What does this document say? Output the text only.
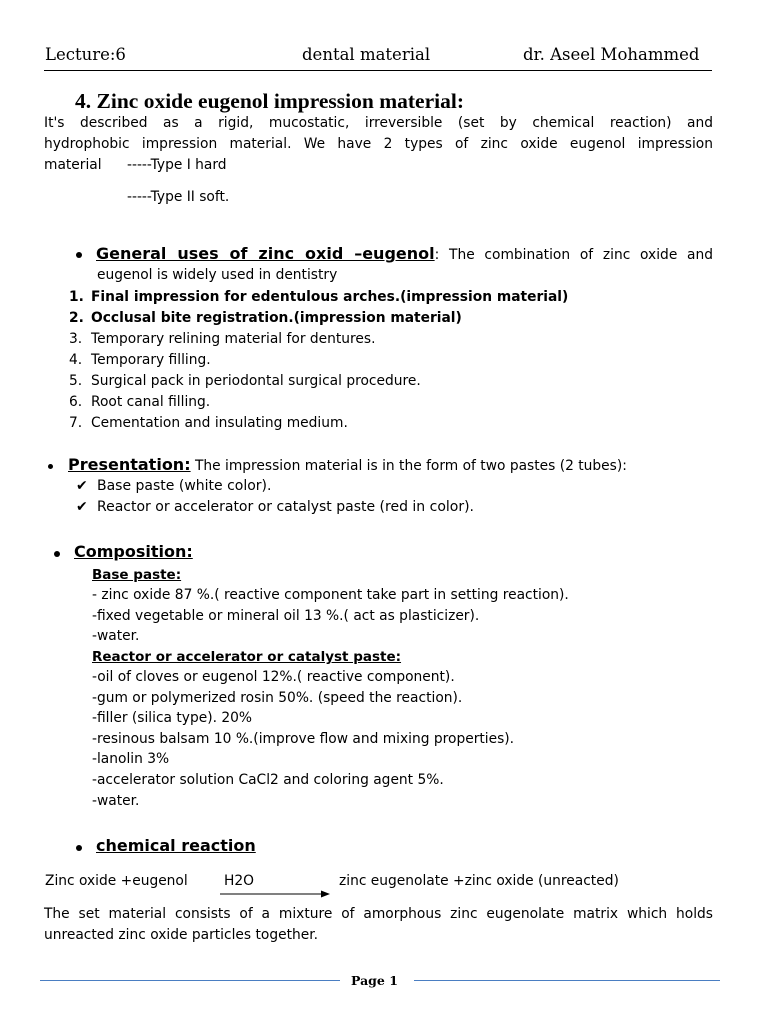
Lecture:6	dental material	dr. Aseel Mohammed
4. Zinc oxide eugenol impression material:
It's described as a rigid, mucostatic, irreversible (set by chemical reaction) and
hydrophobic impression material. We have 2 types of zinc oxide eugenol impression
material -----Type I hard
-----Type II soft.
General uses of zinc oxid –eugenol: The combination of zinc oxide and
eugenol is widely used in dentistry
1. Final impression for edentulous arches.(impression material)
2. Occlusal bite registration.(impression material)
3. Temporary relining material for dentures.
4. Temporary filling.
5. Surgical pack in periodontal surgical procedure.
6. Root canal filling.
7. Cementation and insulating medium.
Presentation: The impression material is in the form of two pastes (2 tubes):
✔ Base paste (white color).
✔ Reactor or accelerator or catalyst paste (red in color).
Composition:
Base paste:
- zinc oxide 87 %.( reactive component take part in setting reaction).
-fixed vegetable or mineral oil 13 %.( act as plasticizer).
-water.
Reactor or accelerator or catalyst paste:
-oil of cloves or eugenol 12%.( reactive component).
-gum or polymerized rosin 50%. (speed the reaction).
-filler (silica type). 20%
-resinous balsam 10 %.(improve flow and mixing properties).
-lanolin 3%
-accelerator solution CaCl2 and coloring agent 5%.
-water.
chemical reaction
Zinc oxide +eugenol	H2O	zinc eugenolate +zinc oxide (unreacted)
The set material consists of a mixture of amorphous zinc eugenolate matrix which holds
unreacted zinc oxide particles together.
Page 1
